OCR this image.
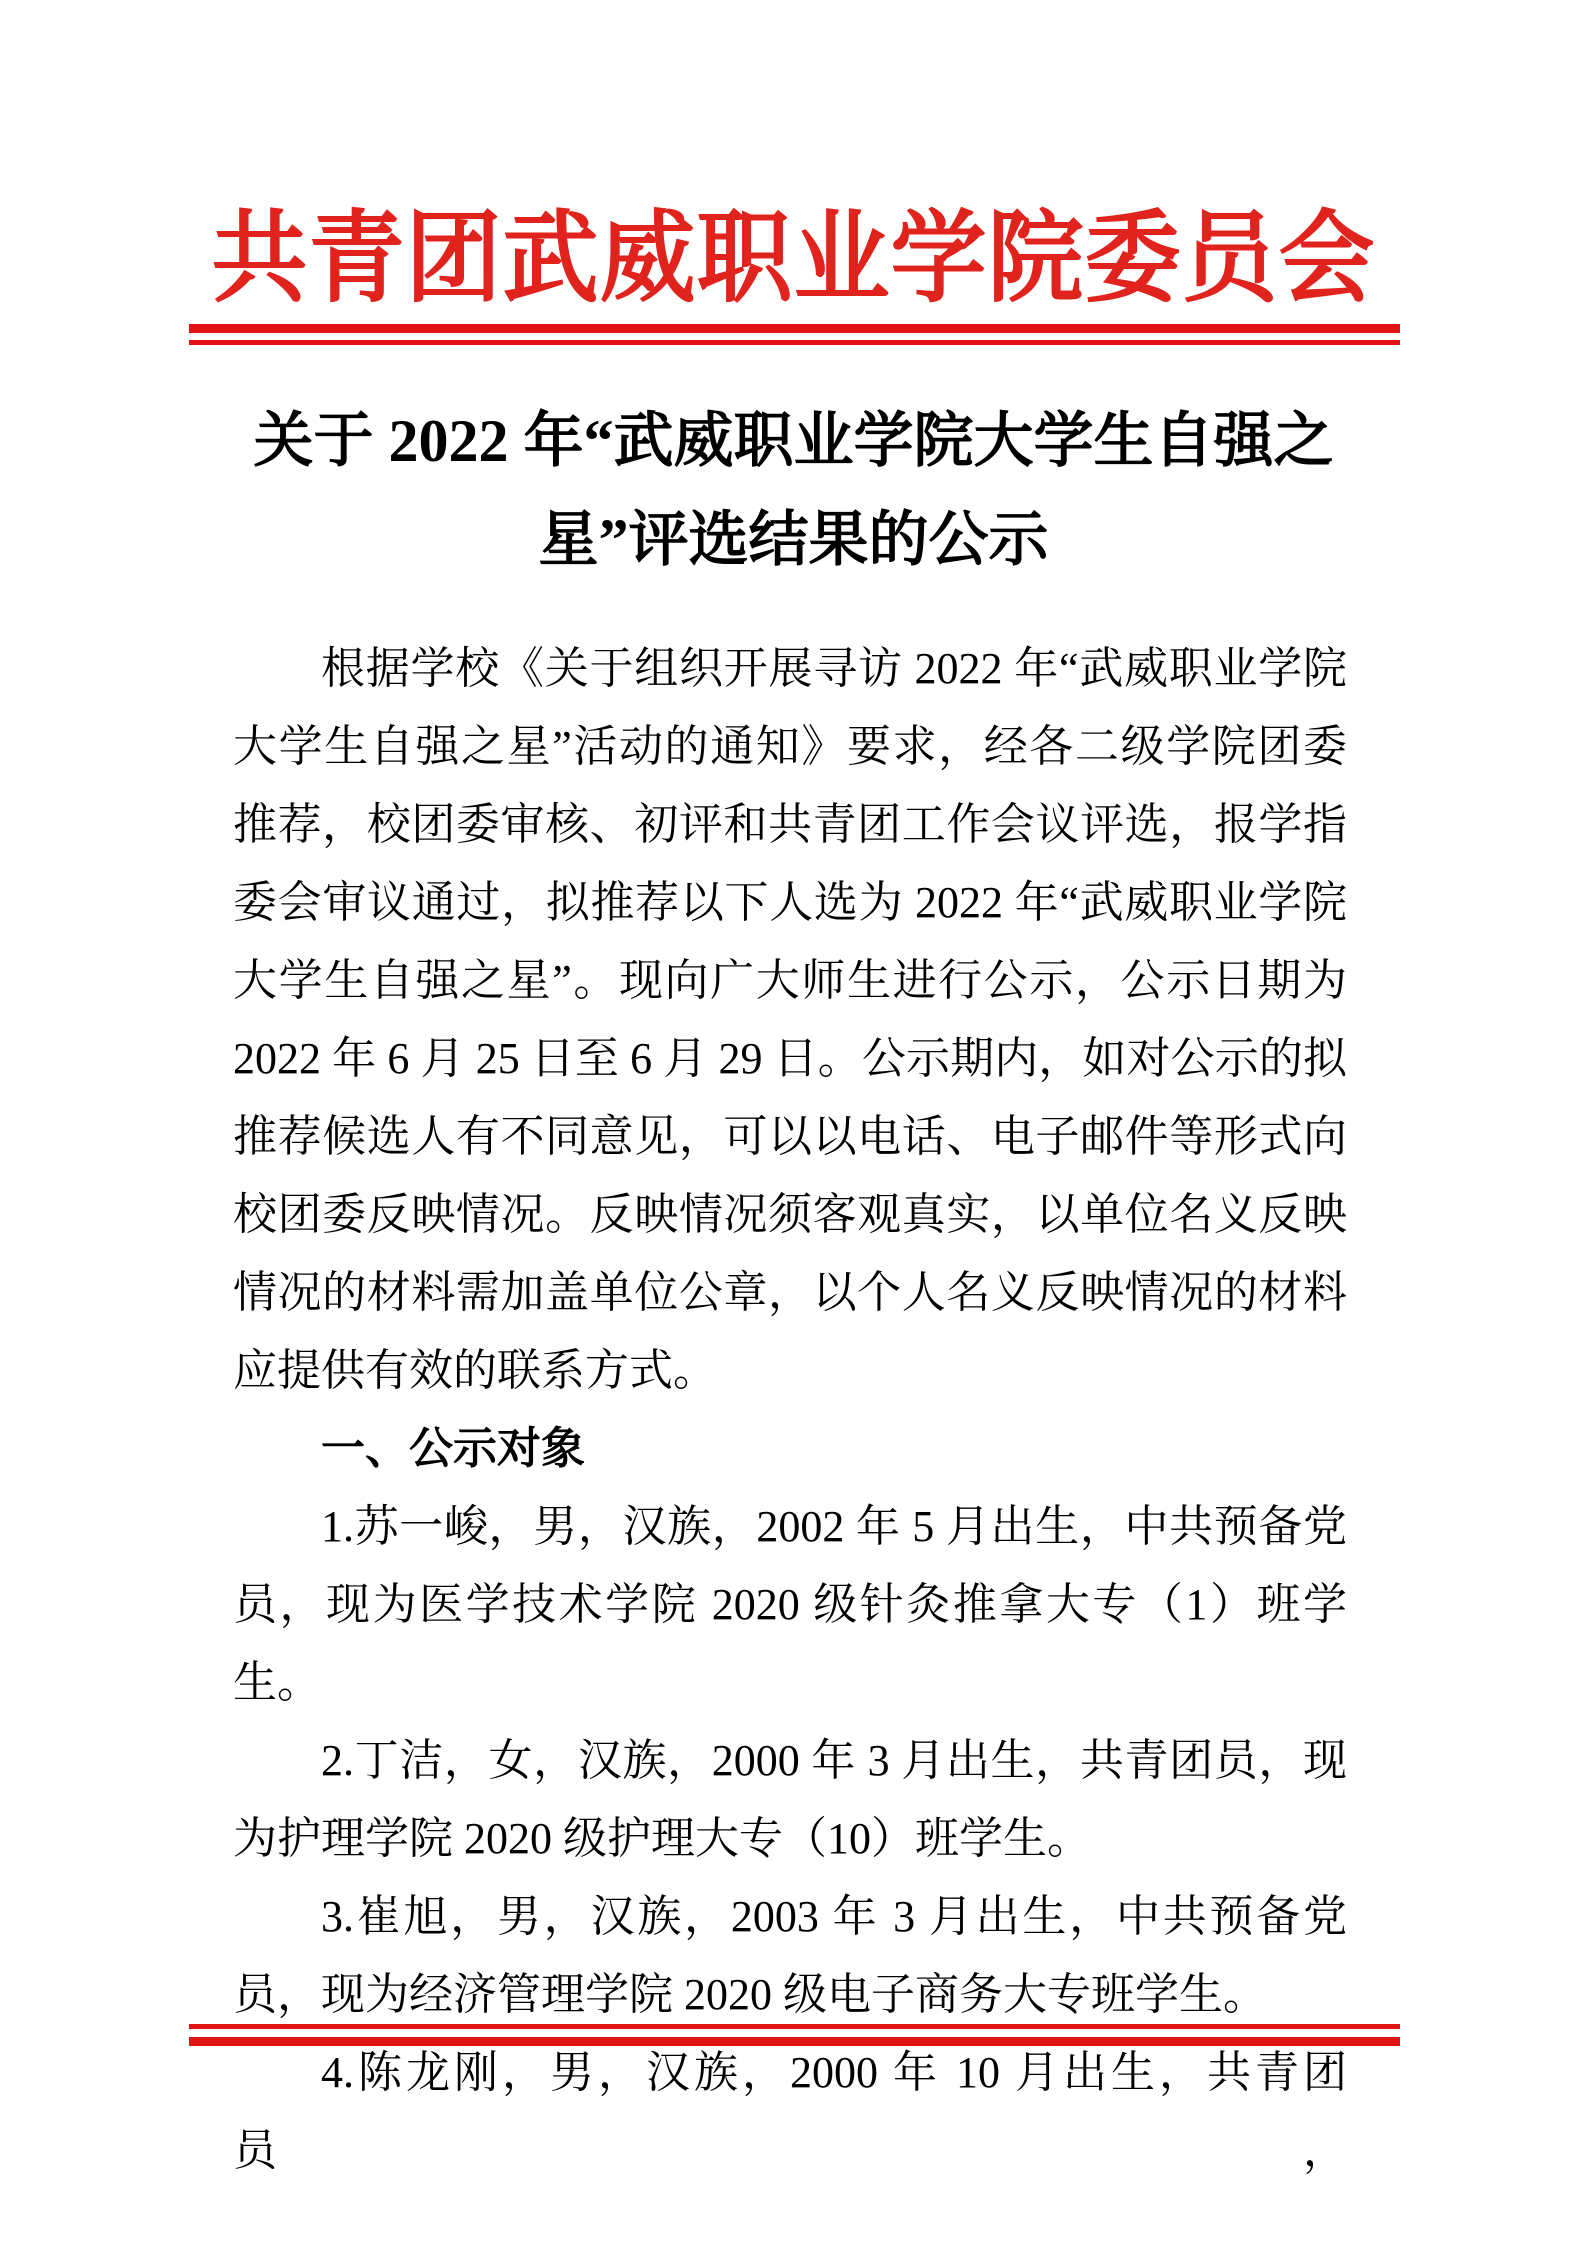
共青团武威职业学院委员会
关于 2022 年“武威职业学院大学生自强之
星”评选结果的公示

根据学校《关于组织开展寻访 2022 年“武威职业学院大学生自强之星”活动的通知》要求，经各二级学院团委推荐，校团委审核、初评和共青团工作会议评选，报学指委会审议通过，拟推荐以下人选为 2022 年“武威职业学院大学生自强之星”。现向广大师生进行公示，公示日期为 2022 年 6 月 25 日至 6 月 29 日。公示期内，如对公示的拟推荐候选人有不同意见，可以以电话、电子邮件等形式向校团委反映情况。反映情况须客观真实，以单位名义反映情况的材料需加盖单位公章，以个人名义反映情况的材料应提供有效的联系方式。

一、公示对象

1.苏一峻，男，汉族，2002 年 5 月出生，中共预备党员，现为医学技术学院 2020 级针灸推拿大专（1）班学生。

2.丁洁，女，汉族，2000 年 3 月出生，共青团员，现为护理学院 2020 级护理大专（10）班学生。

3.崔旭，男，汉族，2003 年 3 月出生，中共预备党员，现为经济管理学院 2020 级电子商务大专班学生。

4.陈龙刚，男，汉族，2000 年 10 月出生，共青团员，
